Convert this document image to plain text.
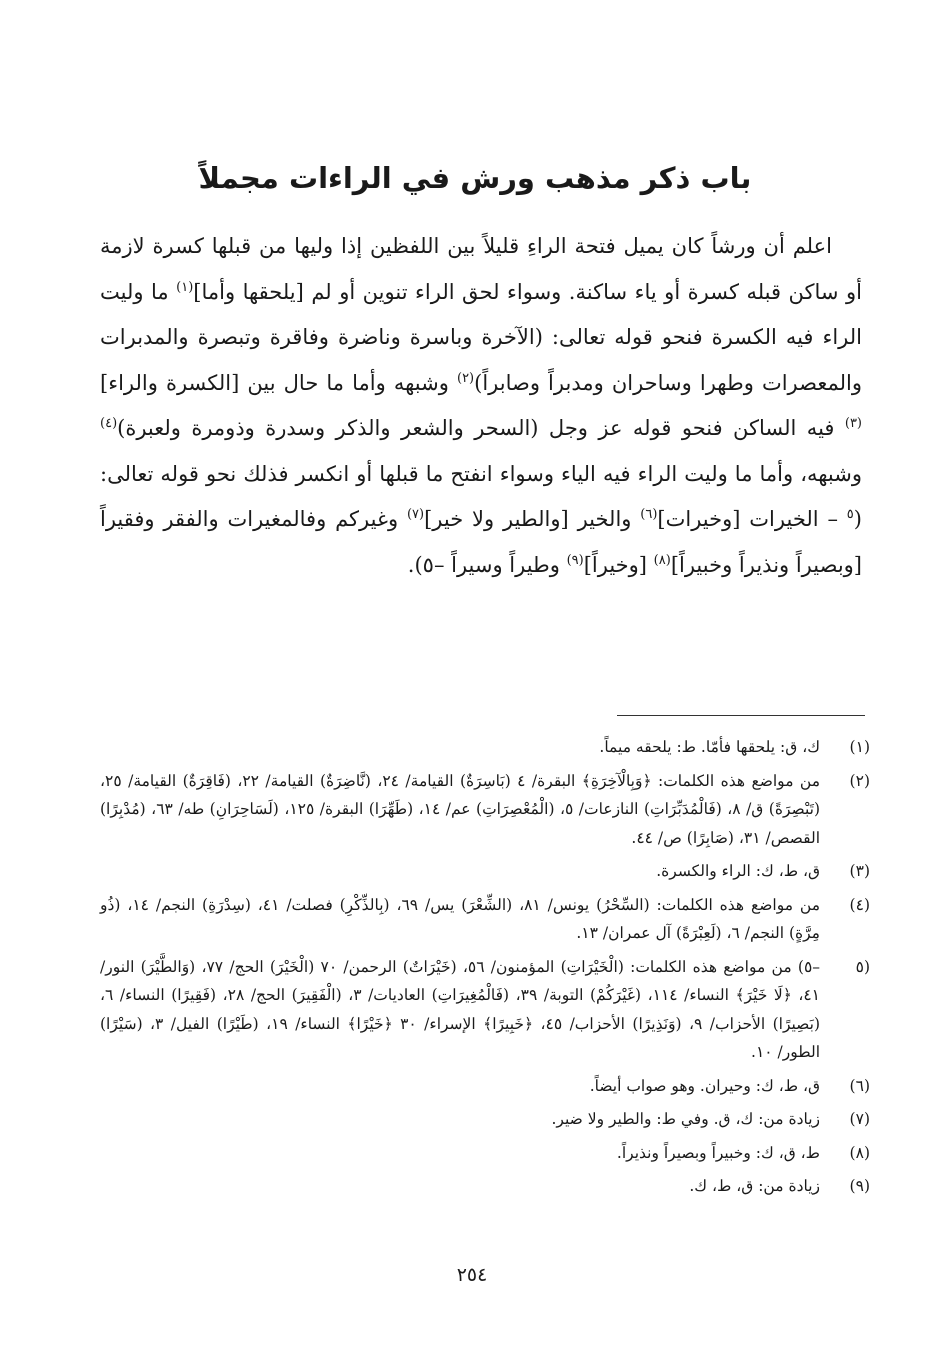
باب ذكر مذهب ورش في الراءات مجملاً

اعلم أن ورشاً كان يميل فتحة الراءِ قليلاً بين اللفظين إذا وليها من قبلها كسرة لازمة أو ساكن قبله كسرة أو ياء ساكنة. وسواء لحق الراء تنوين أو لم [يلحقها وأما]$^{(١)}$ ما وليت الراء فيه الكسرة فنحو قوله تعالى: (الآخرة وباسرة وناضرة وفاقرة وتبصرة والمدبرات والمعصرات وطهرا وساحران ومدبراً وصابراً)$^{(٢)}$ وشبهه وأما ما حال بين [الكسرة والراء]$^{(٣)}$ فيه الساكن فنحو قوله عز وجل (السحر والشعر والذكر وسدرة وذومرة ولعبرة)$^{(٤)}$ وشبهه، وأما ما وليت الراء فيه الياء وسواء انفتح ما قبلها أو انكسر فذلك نحو قوله تعالى: ($^٥$ – الخيرات [وخيرات]$^{(٦)}$ والخير [والطير ولا خير]$^{(٧)}$ وغيركم وفالمغيرات والفقر وفقيراً [وبصيراً ونذيراً وخبيراً]$^{(٨)}$ [وخيراً]$^{(٩)}$ وطيراً وسيراً –٥).

(١)
ك، ق: يلحقها فأمّا. ط: يلحقه ميماً.
(٢)
من مواضع هذه الكلمات: ﴿وَبِالْآخِرَةِ﴾ البقرة/ ٤ (بَاسِرَةٌ) القيامة/ ٢٤، (نَّاضِرَةٌ) القيامة/ ٢٢، (فَاقِرَةٌ) القيامة/ ٢٥، (تَبْصِرَةً) ق/ ٨، (فَالْمُدَبِّرَاتِ) النازعات/ ٥، (الْمُعْصِرَاتِ) عم/ ١٤، (طَهِّرَا) البقرة/ ١٢٥، (لَسَاحِرَانِ) طه/ ٦٣، (مُدْبِرًا) القصص/ ٣١، (صَابِرًا) ص/ ٤٤.
(٣)
ق، ط، ك: الراء والكسرة.
(٤)
من مواضع هذه الكلمات: (السِّحْرُ) يونس/ ٨١، (الشِّعْرَ) يس/ ٦٩، (بِالذِّكْرِ) فصلت/ ٤١، (سِدْرَةِ) النجم/ ١٤، (ذُو مِرَّةٍ) النجم/ ٦، (لَعِبْرَةً) آل عمران/ ١٣.
(٥
–٥) من مواضع هذه الكلمات: (الْخَيْرَاتِ) المؤمنون/ ٥٦، (خَيْرَاتٌ) الرحمن/ ٧٠ (الْخَيْرَ) الحج/ ٧٧، (وَالطَّيْرَ) النور/ ٤١، ﴿لَا خَيْرَ﴾ النساء/ ١١٤، (غَيْرَكُمْ) التوبة/ ٣٩، (فَالْمُغِيرَاتِ) العاديات/ ٣، (الْفَقِيرَ) الحج/ ٢٨، (فَقِيرًا) النساء/ ٦، (بَصِيرًا) الأحزاب/ ٩، (وَنَذِيرًا) الأحزاب/ ٤٥، ﴿خَبِيرًا﴾ الإسراء/ ٣٠ ﴿خَيْرًا﴾ النساء/ ١٩، (طَيْرًا) الفيل/ ٣، (سَيْرًا) الطور/ ١٠.
(٦)
ق، ط، ك: وحيران. وهو صواب أيضاً.
(٧)
زيادة من: ك، ق. وفي ط: والطير ولا ضير.
(٨)
ط، ق، ك: وخبيراً وبصيراً ونذيراً.
(٩)
زيادة من: ق، ط، ك.
٢٥٤
